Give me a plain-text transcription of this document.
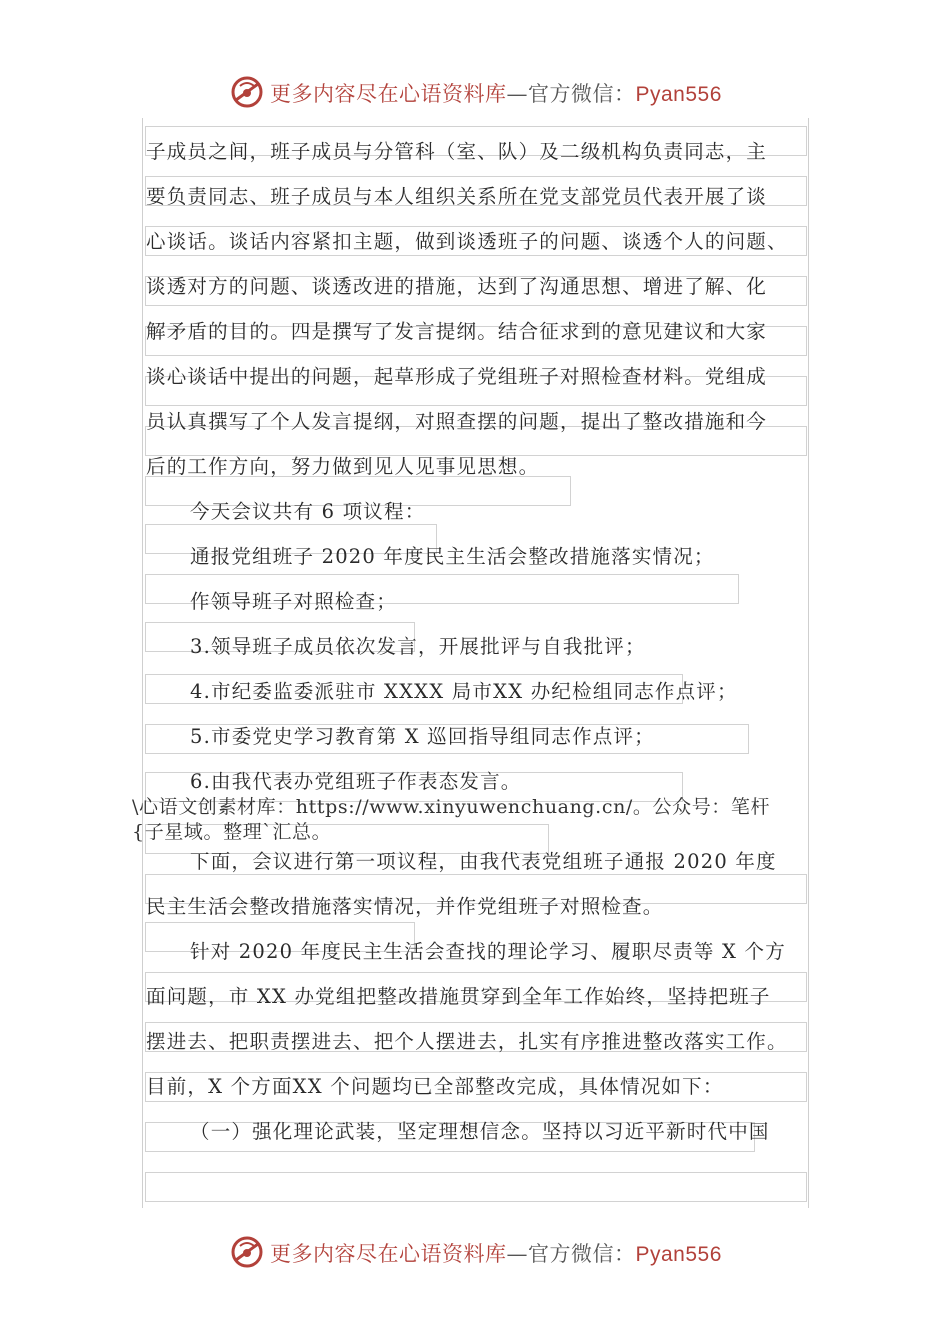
更多内容尽在心语资料库—官方微信：Pyan556
子成员之间，班子成员与分管科（室、队）及二级机构负责同志，主
要负责同志、班子成员与本人组织关系所在党支部党员代表开展了谈
心谈话。谈话内容紧扣主题，做到谈透班子的问题、谈透个人的问题、
谈透对方的问题、谈透改进的措施，达到了沟通思想、增进了解、化
解矛盾的目的。四是撰写了发言提纲。结合征求到的意见建议和大家
谈心谈话中提出的问题，起草形成了党组班子对照检查材料。党组成
员认真撰写了个人发言提纲，对照查摆的问题，提出了整改措施和今
后的工作方向，努力做到见人见事见思想。
今天会议共有 6 项议程：
通报党组班子 2020 年度民主生活会整改措施落实情况；
作领导班子对照检查；
3.领导班子成员依次发言，开展批评与自我批评；
4.市纪委监委派驻市 XXXX 局市XX 办纪检组同志作点评；
5.市委党史学习教育第 X 巡回指导组同志作点评；
6.由我代表办党组班子作表态发言。
\心语文创素材库：https://www.xinyuwenchuang.cn/。公众号：笔杆
{子星域。整理`汇总。
下面，会议进行第一项议程，由我代表党组班子通报 2020 年度
民主生活会整改措施落实情况，并作党组班子对照检查。
针对 2020 年度民主生活会查找的理论学习、履职尽责等 X 个方
面问题，市 XX 办党组把整改措施贯穿到全年工作始终，坚持把班子
摆进去、把职责摆进去、把个人摆进去，扎实有序推进整改落实工作。
目前，X 个方面XX 个问题均已全部整改完成，具体情况如下：
（一）强化理论武装，坚定理想信念。坚持以习近平新时代中国
更多内容尽在心语资料库—官方微信：Pyan556
